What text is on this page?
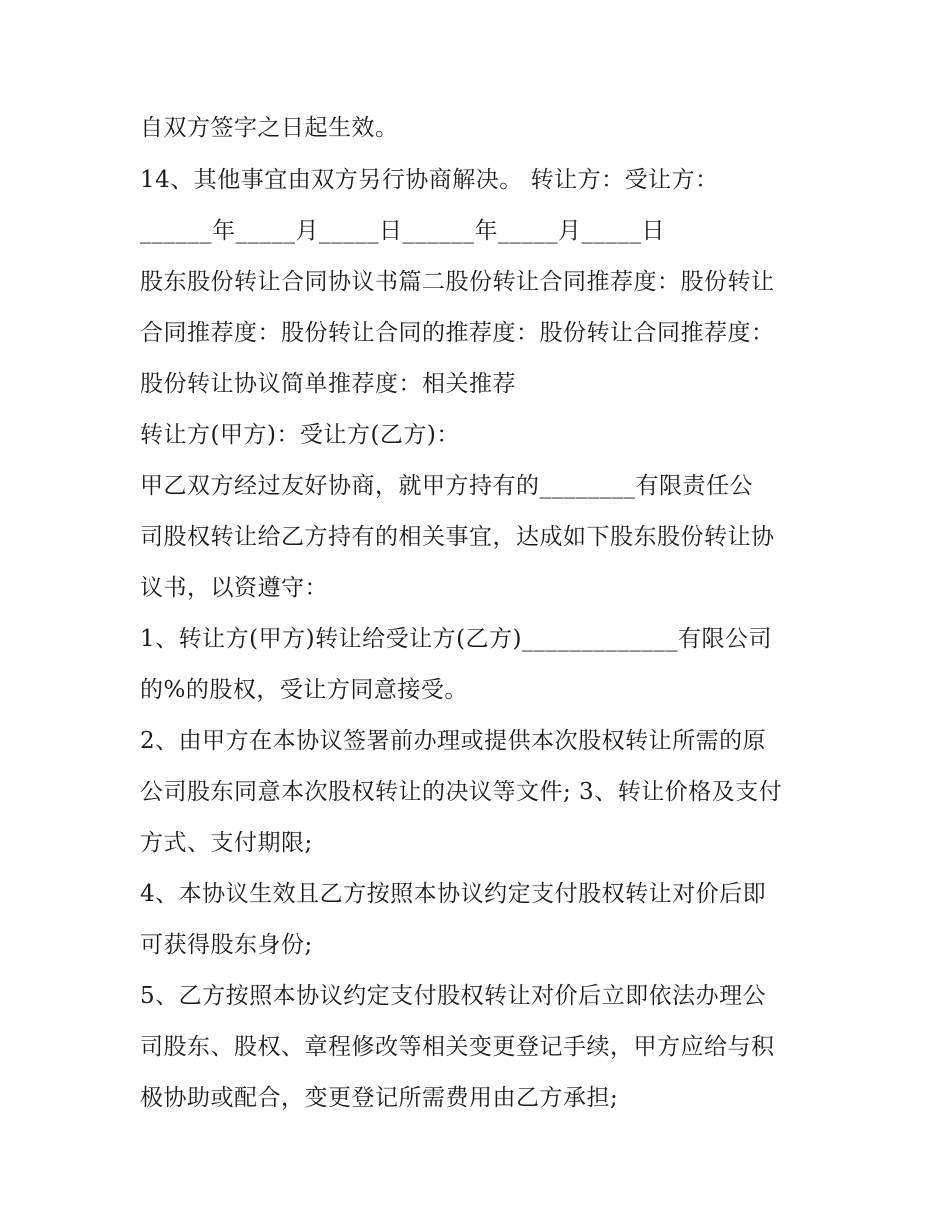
自双方签字之日起生效。

14、其他事宜由双方另行协商解决。 转让方：受让方：

______年_____月_____日______年_____月_____日

股东股份转让合同协议书篇二股份转让合同推荐度：股份转让

合同推荐度：股份转让合同的推荐度：股份转让合同推荐度：

股份转让协议简单推荐度：相关推荐

转让方(甲方)：受让方(乙方)：

甲乙双方经过友好协商，就甲方持有的________有限责任公

司股权转让给乙方持有的相关事宜，达成如下股东股份转让协

议书，以资遵守：

1、转让方(甲方)转让给受让方(乙方)_____________有限公司

的%的股权，受让方同意接受。

2、由甲方在本协议签署前办理或提供本次股权转让所需的原

公司股东同意本次股权转让的决议等文件; 3、转让价格及支付

方式、支付期限;

4、本协议生效且乙方按照本协议约定支付股权转让对价后即

可获得股东身份;

5、乙方按照本协议约定支付股权转让对价后立即依法办理公

司股东、股权、章程修改等相关变更登记手续，甲方应给与积

极协助或配合，变更登记所需费用由乙方承担;
